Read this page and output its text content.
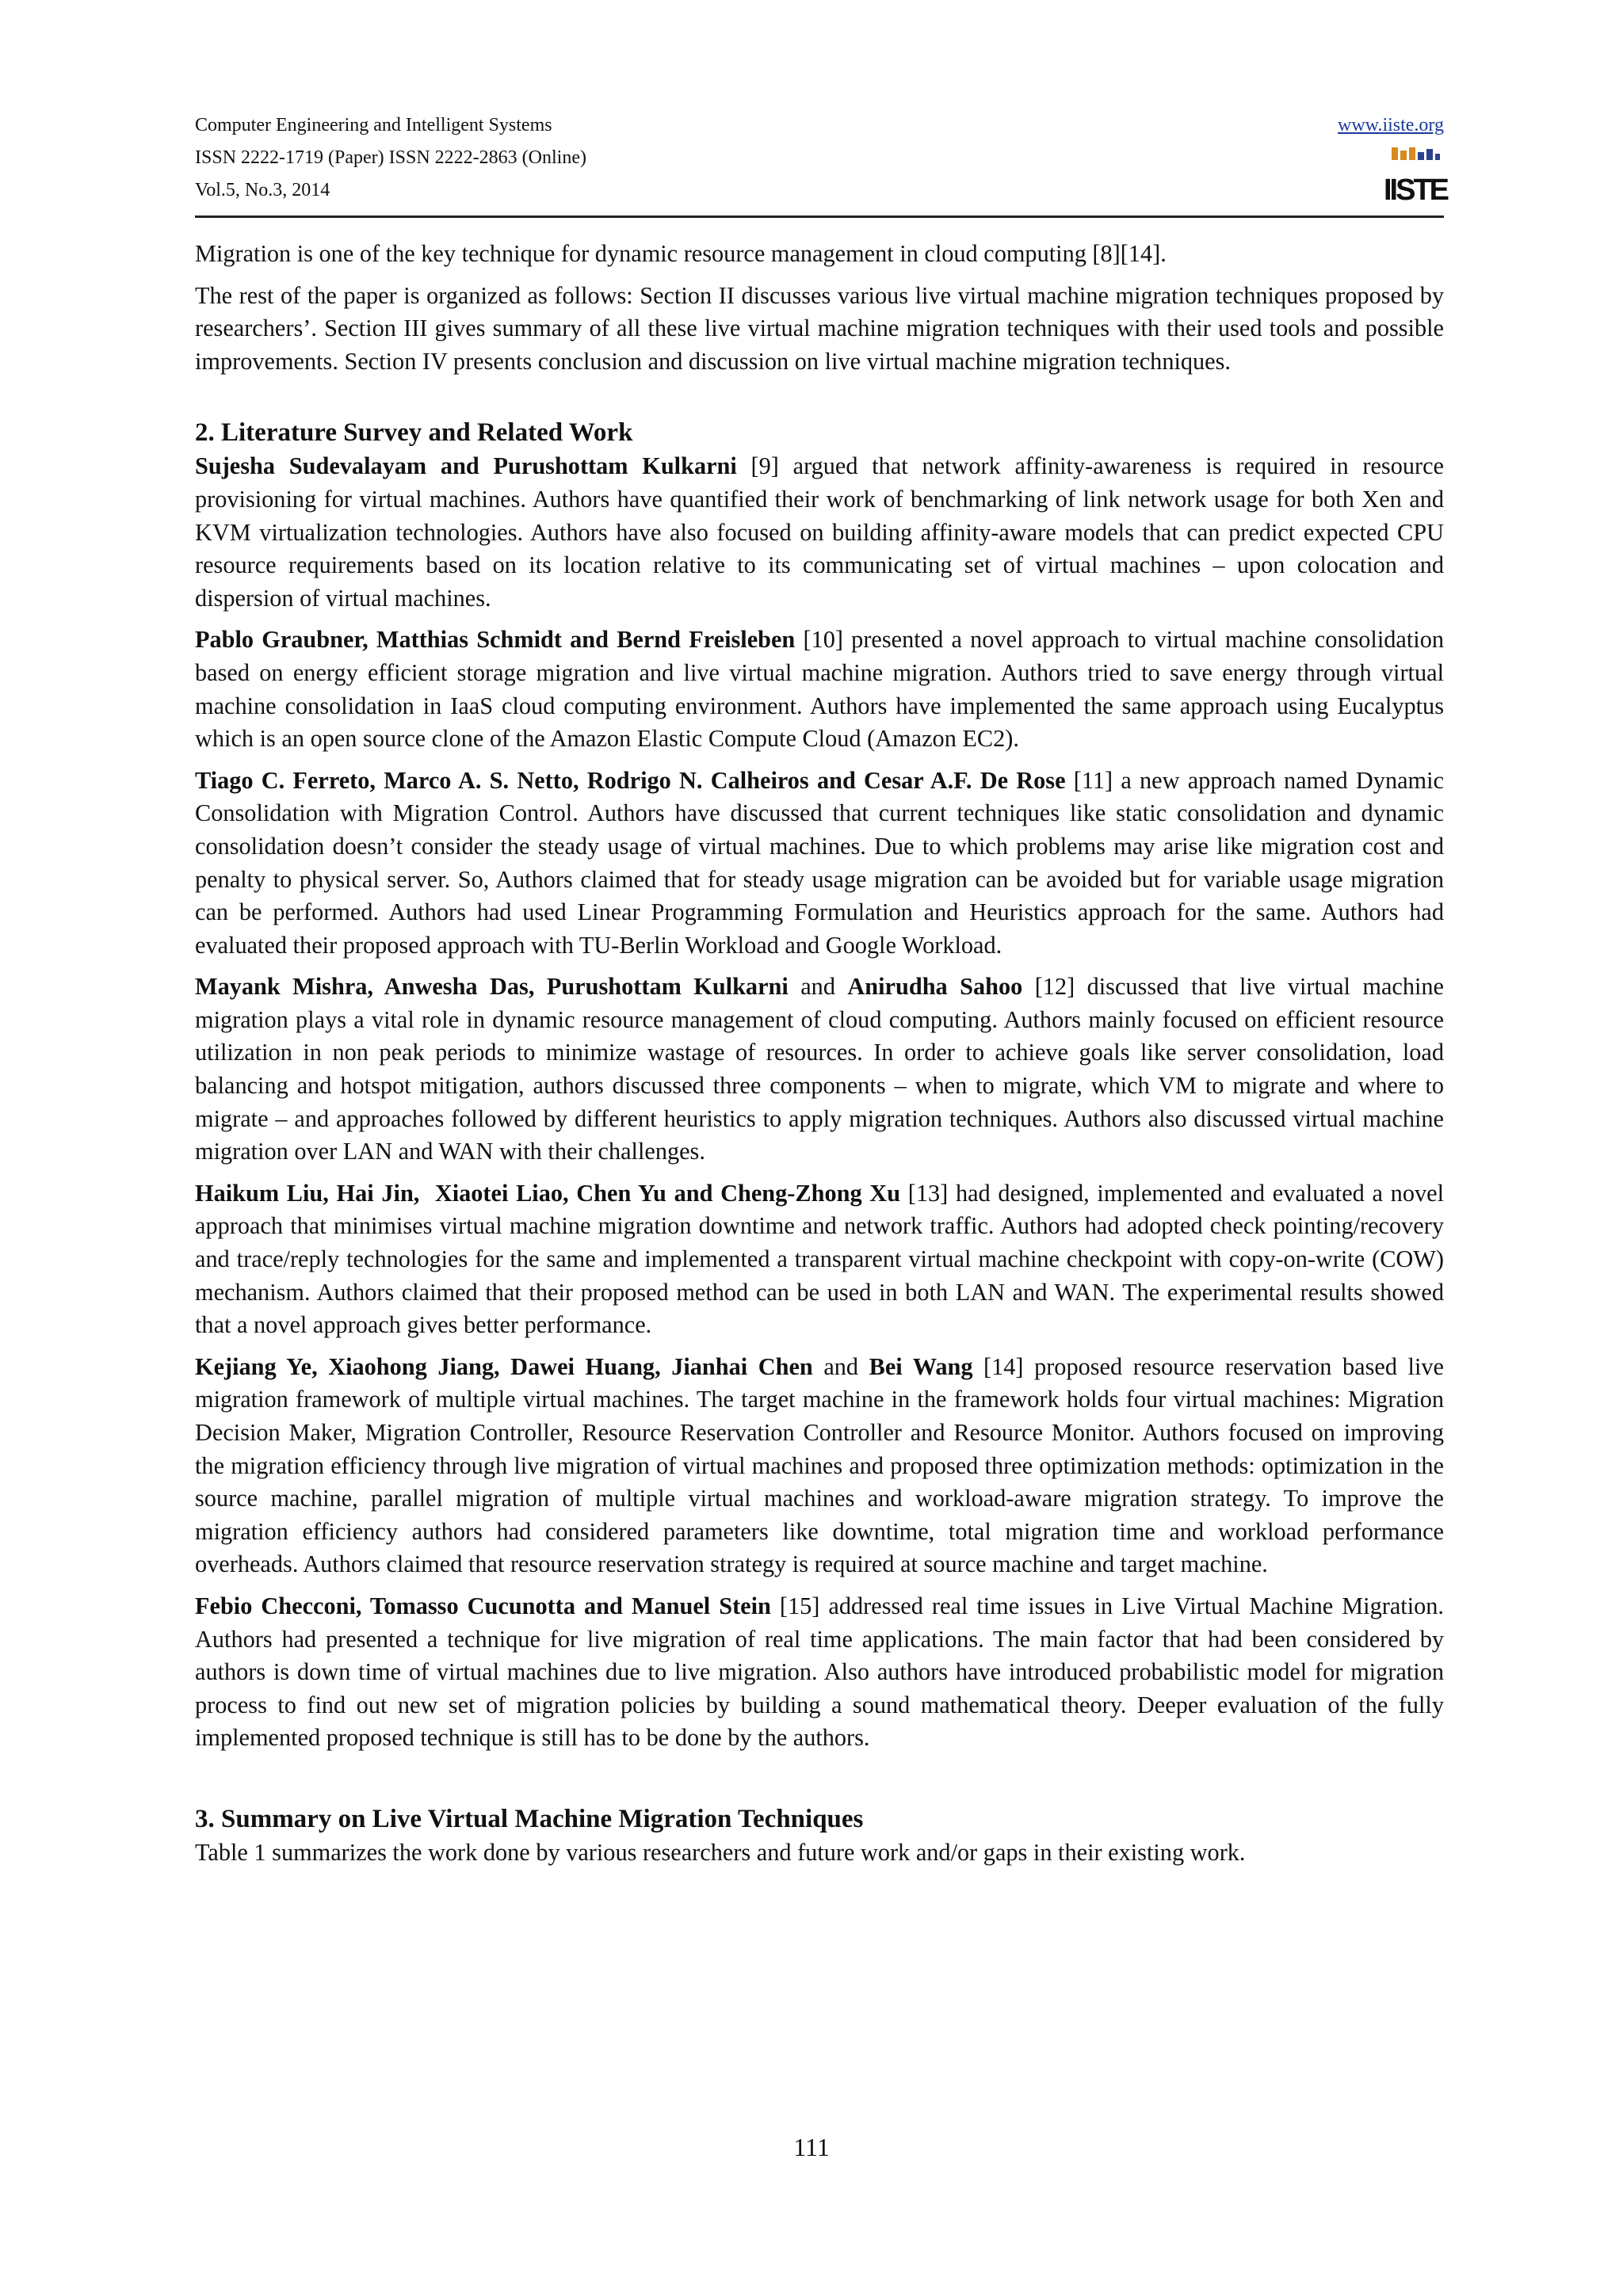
Computer Engineering and Intelligent Systems
ISSN 2222-1719 (Paper) ISSN 2222-2863 (Online)
Vol.5, No.3, 2014
www.iiste.org
IISTE

Migration is one of the key technique for dynamic resource management in cloud computing [8][14].

The rest of the paper is organized as follows: Section II discusses various live virtual machine migration techniques proposed by researchers’. Section III gives summary of all these live virtual machine migration techniques with their used tools and possible improvements. Section IV presents conclusion and discussion on live virtual machine migration techniques.

2. Literature Survey and Related Work

Sujesha Sudevalayam and Purushottam Kulkarni [9] argued that network affinity-awareness is required in resource provisioning for virtual machines. Authors have quantified their work of benchmarking of link network usage for both Xen and KVM virtualization technologies. Authors have also focused on building affinity-aware models that can predict expected CPU resource requirements based on its location relative to its communicating set of virtual machines – upon colocation and dispersion of virtual machines.

Pablo Graubner, Matthias Schmidt and Bernd Freisleben [10] presented a novel approach to virtual machine consolidation based on energy efficient storage migration and live virtual machine migration. Authors tried to save energy through virtual machine consolidation in IaaS cloud computing environment. Authors have implemented the same approach using Eucalyptus which is an open source clone of the Amazon Elastic Compute Cloud (Amazon EC2).

Tiago C. Ferreto, Marco A. S. Netto, Rodrigo N. Calheiros and Cesar A.F. De Rose [11] a new approach named Dynamic Consolidation with Migration Control. Authors have discussed that current techniques like static consolidation and dynamic consolidation doesn’t consider the steady usage of virtual machines. Due to which problems may arise like migration cost and penalty to physical server. So, Authors claimed that for steady usage migration can be avoided but for variable usage migration can be performed. Authors had used Linear Programming Formulation and Heuristics approach for the same. Authors had evaluated their proposed approach with TU-Berlin Workload and Google Workload.

Mayank Mishra, Anwesha Das, Purushottam Kulkarni and Anirudha Sahoo [12] discussed that live virtual machine migration plays a vital role in dynamic resource management of cloud computing. Authors mainly focused on efficient resource utilization in non peak periods to minimize wastage of resources. In order to achieve goals like server consolidation, load balancing and hotspot mitigation, authors discussed three components – when to migrate, which VM to migrate and where to migrate – and approaches followed by different heuristics to apply migration techniques. Authors also discussed virtual machine migration over LAN and WAN with their challenges.

Haikum Liu, Hai Jin,  Xiaotei Liao, Chen Yu and Cheng-Zhong Xu [13] had designed, implemented and evaluated a novel approach that minimises virtual machine migration downtime and network traffic. Authors had adopted check pointing/recovery and trace/reply technologies for the same and implemented a transparent virtual machine checkpoint with copy-on-write (COW) mechanism. Authors claimed that their proposed method can be used in both LAN and WAN. The experimental results showed that a novel approach gives better performance.

Kejiang Ye, Xiaohong Jiang, Dawei Huang, Jianhai Chen and Bei Wang [14] proposed resource reservation based live migration framework of multiple virtual machines. The target machine in the framework holds four virtual machines: Migration Decision Maker, Migration Controller, Resource Reservation Controller and Resource Monitor. Authors focused on improving the migration efficiency through live migration of virtual machines and proposed three optimization methods: optimization in the source machine, parallel migration of multiple virtual machines and workload-aware migration strategy. To improve the migration efficiency authors had considered parameters like downtime, total migration time and workload performance overheads. Authors claimed that resource reservation strategy is required at source machine and target machine.

Febio Checconi, Tomasso Cucunotta and Manuel Stein [15] addressed real time issues in Live Virtual Machine Migration. Authors had presented a technique for live migration of real time applications. The main factor that had been considered by authors is down time of virtual machines due to live migration. Also authors have introduced probabilistic model for migration process to find out new set of migration policies by building a sound mathematical theory. Deeper evaluation of the fully implemented proposed technique is still has to be done by the authors.

3. Summary on Live Virtual Machine Migration Techniques

Table 1 summarizes the work done by various researchers and future work and/or gaps in their existing work.

111
